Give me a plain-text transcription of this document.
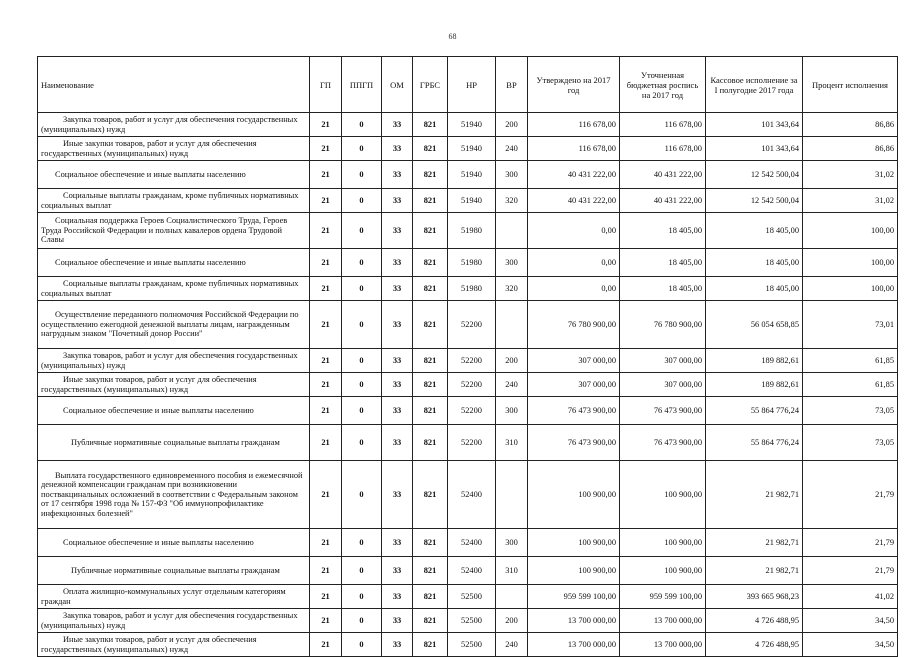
68
Наименование	ГП	ППГП	ОМ	ГРБС	НР	ВР	Утверждено на 2017 год	Уточненная бюджетная роспись на 2017 год	Кассовое исполнение за I полугодие 2017 года	Процент исполнения
Закупка товаров, работ и услуг для обеспечения государственных (муниципальных) нужд	21	0	33	821	51940	200	116 678,00	116 678,00	101 343,64	86,86
Иные закупки товаров, работ и услуг для обеспечения государственных (муниципальных) нужд	21	0	33	821	51940	240	116 678,00	116 678,00	101 343,64	86,86
Социальное обеспечение и иные выплаты населению	21	0	33	821	51940	300	40 431 222,00	40 431 222,00	12 542 500,04	31,02
Социальные выплаты гражданам, кроме публичных нормативных социальных выплат	21	0	33	821	51940	320	40 431 222,00	40 431 222,00	12 542 500,04	31,02
Социальная поддержка Героев Социалистического Труда, Героев Труда Российской Федерации и полных кавалеров ордена Трудовой Славы	21	0	33	821	51980		0,00	18 405,00	18 405,00	100,00
Социальное обеспечение и иные выплаты населению	21	0	33	821	51980	300	0,00	18 405,00	18 405,00	100,00
Социальные выплаты гражданам, кроме публичных нормативных социальных выплат	21	0	33	821	51980	320	0,00	18 405,00	18 405,00	100,00
Осуществление переданного полномочия Российской Федерации по осуществлению ежегодной денежной выплаты лицам, награжденным нагрудным знаком "Почетный донор России"	21	0	33	821	52200		76 780 900,00	76 780 900,00	56 054 658,85	73,01
Закупка товаров, работ и услуг для обеспечения государственных (муниципальных) нужд	21	0	33	821	52200	200	307 000,00	307 000,00	189 882,61	61,85
Иные закупки товаров, работ и услуг для обеспечения государственных (муниципальных) нужд	21	0	33	821	52200	240	307 000,00	307 000,00	189 882,61	61,85
Социальное обеспечение и иные выплаты населению	21	0	33	821	52200	300	76 473 900,00	76 473 900,00	55 864 776,24	73,05
Публичные нормативные социальные выплаты гражданам	21	0	33	821	52200	310	76 473 900,00	76 473 900,00	55 864 776,24	73,05
Выплата государственного единовременного пособия и ежемесячной денежной компенсации гражданам при возникновении поствакцинальных осложнений в соответствии с Федеральным законом от 17 сентября 1998 года № 157-ФЗ "Об иммунопрофилактике инфекционных болезней"	21	0	33	821	52400		100 900,00	100 900,00	21 982,71	21,79
Социальное обеспечение и иные выплаты населению	21	0	33	821	52400	300	100 900,00	100 900,00	21 982,71	21,79
Публичные нормативные социальные выплаты гражданам	21	0	33	821	52400	310	100 900,00	100 900,00	21 982,71	21,79
Оплата жилищно-коммунальных услуг отдельным категориям граждан	21	0	33	821	52500		959 599 100,00	959 599 100,00	393 665 968,23	41,02
Закупка товаров, работ и услуг для обеспечения государственных (муниципальных) нужд	21	0	33	821	52500	200	13 700 000,00	13 700 000,00	4 726 488,95	34,50
Иные закупки товаров, работ и услуг для обеспечения государственных (муниципальных) нужд	21	0	33	821	52500	240	13 700 000,00	13 700 000,00	4 726 488,95	34,50
